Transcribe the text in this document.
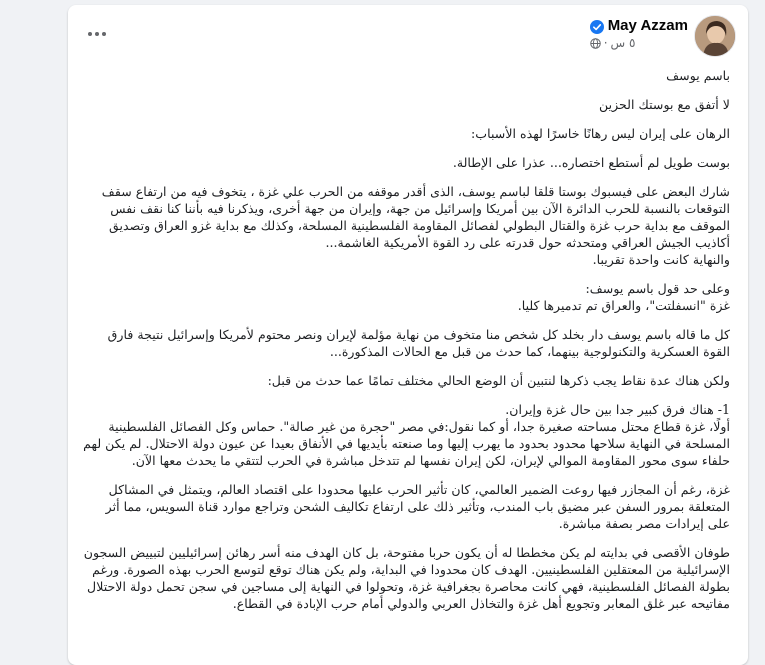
May Azzam
٥ س
·

باسم يوسف

لا أتفق مع بوستك الحزين

الرهان على إيران ليس رهانًا خاسرًا لهذه الأسباب:

بوست طويل لم أستطع اختصاره... عذرا على الإطالة.

شارك البعض على فيسبوك بوستا قلقا لباسم يوسف، الذى أقدر موقفه من الحرب علي غزة ، يتخوف فيه من ارتفاع سقف التوقعات بالنسبة للحرب الدائرة الآن بين أمريكا وإسرائيل من جهة، وإيران من جهة أخرى، ويذكرنا فيه بأننا كنا نقف نفس الموقف مع بداية حرب غزة والقتال البطولي لفصائل المقاومة الفلسطينية المسلحة، وكذلك مع بداية غزو العراق وتصديق أكاذيب الجيش العراقي ومتحدثه حول قدرته على رد القوة الأمريكية الغاشمة...
والنهاية كانت واحدة تقريبا.

وعلى حد قول باسم يوسف:
غزة "انسفلتت"، والعراق تم تدميرها كليا.

كل ما قاله باسم يوسف دار بخلد كل شخص منا متخوف من نهاية مؤلمة لإيران ونصر محتوم لأمريكا وإسرائيل نتيجة فارق القوة العسكرية والتكنولوجية بينهما، كما حدث من قبل مع الحالات المذكورة...

ولكن هناك عدة نقاط يجب ذكرها لنتبين أن الوضع الحالي مختلف تمامًا عما حدث من قبل:

1- هناك فرق كبير جدا بين حال غزة وإيران.
أولًا، غزة قطاع محتل مساحته صغيرة جدا، أو كما نقول:في مصر "حجرة من غير صالة". حماس وكل الفصائل الفلسطينية المسلحة في النهاية سلاحها محدود بحدود ما يهرب إليها وما صنعته بأيديها في الأنفاق بعيدا عن عيون دولة الاحتلال. لم يكن لهم حلفاء سوى محور المقاومة الموالي لإيران، لكن إيران نفسها لم تتدخل مباشرة في الحرب لتتقي ما يحدث معها الآن.

غزة، رغم أن المجازر فيها روعت الضمير العالمي، كان تأثير الحرب عليها محدودا على اقتصاد العالم، ويتمثل في المشاكل المتعلقة بمرور السفن عبر مضيق باب المندب، وتأثير ذلك على ارتفاع تكاليف الشحن وتراجع موارد قناة السويس، مما أثر على إيرادات مصر بصفة مباشرة.

طوفان الأقصى في بدايته لم يكن مخططا له أن يكون حربا مفتوحة، بل كان الهدف منه أسر رهائن إسرائيليين لتبييض السجون الإسرائيلية من المعتقلين الفلسطينيين. الهدف كان محدودا في البداية، ولم يكن هناك توقع لتوسع الحرب بهذه الصورة. ورغم بطولة الفصائل الفلسطينية، فهي كانت محاصرة بجغرافية غزة، وتحولوا في النهاية إلى مساجين في سجن تحمل دولة الاحتلال مفاتيحه عبر غلق المعابر وتجويع أهل غزة والتخاذل العربي والدولي أمام حرب الإبادة في القطاع.
